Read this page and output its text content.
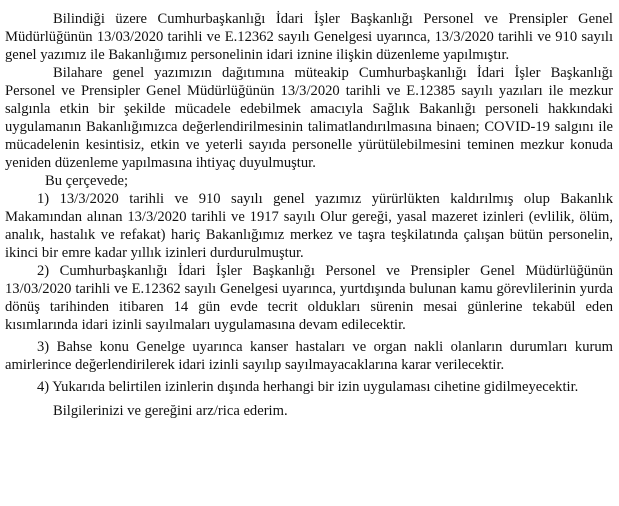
Bilindiği üzere Cumhurbaşkanlığı İdari İşler Başkanlığı Personel ve Prensipler Genel Müdürlüğünün 13/03/2020 tarihli ve E.12362 sayılı Genelgesi uyarınca, 13/3/2020 tarihli ve 910 sayılı genel yazımız ile Bakanlığımız personelinin idari iznine ilişkin düzenleme yapılmıştır.

Bilahare genel yazımızın dağıtımına müteakip Cumhurbaşkanlığı İdari İşler Başkanlığı Personel ve Prensipler Genel Müdürlüğünün 13/3/2020 tarihli ve E.12385 sayılı yazıları ile mezkur salgınla etkin bir şekilde mücadele edebilmek amacıyla Sağlık Bakanlığı personeli hakkındaki uygulamanın Bakanlığımızca değerlendirilmesinin talimatlandırılmasına binaen; COVID-19 salgını ile mücadelenin kesintisiz, etkin ve yeterli sayıda personelle yürütülebilmesini teminen mezkur konuda yeniden düzenleme yapılmasına ihtiyaç duyulmuştur.

Bu çerçevede;

1) 13/3/2020 tarihli ve 910 sayılı genel yazımız yürürlükten kaldırılmış olup Bakanlık Makamından alınan 13/3/2020 tarihli ve 1917 sayılı Olur gereği, yasal mazeret izinleri (evlilik, ölüm, analık, hastalık ve refakat) hariç Bakanlığımız merkez ve taşra teşkilatında çalışan bütün personelin, ikinci bir emre kadar yıllık izinleri durdurulmuştur.

2) Cumhurbaşkanlığı İdari İşler Başkanlığı Personel ve Prensipler Genel Müdürlüğünün 13/03/2020 tarihli ve E.12362 sayılı Genelgesi uyarınca, yurtdışında bulunan kamu görevlilerinin yurda dönüş tarihinden itibaren 14 gün evde tecrit oldukları sürenin mesai günlerine tekabül eden kısımlarında idari izinli sayılmaları uygulamasına devam edilecektir.

3) Bahse konu Genelge uyarınca kanser hastaları ve organ nakli olanların durumları kurum amirlerince değerlendirilerek idari izinli sayılıp sayılmayacaklarına karar verilecektir.

4) Yukarıda belirtilen izinlerin dışında herhangi bir izin uygulaması cihetine gidilmeyecektir.

Bilgilerinizi ve gereğini arz/rica ederim.
